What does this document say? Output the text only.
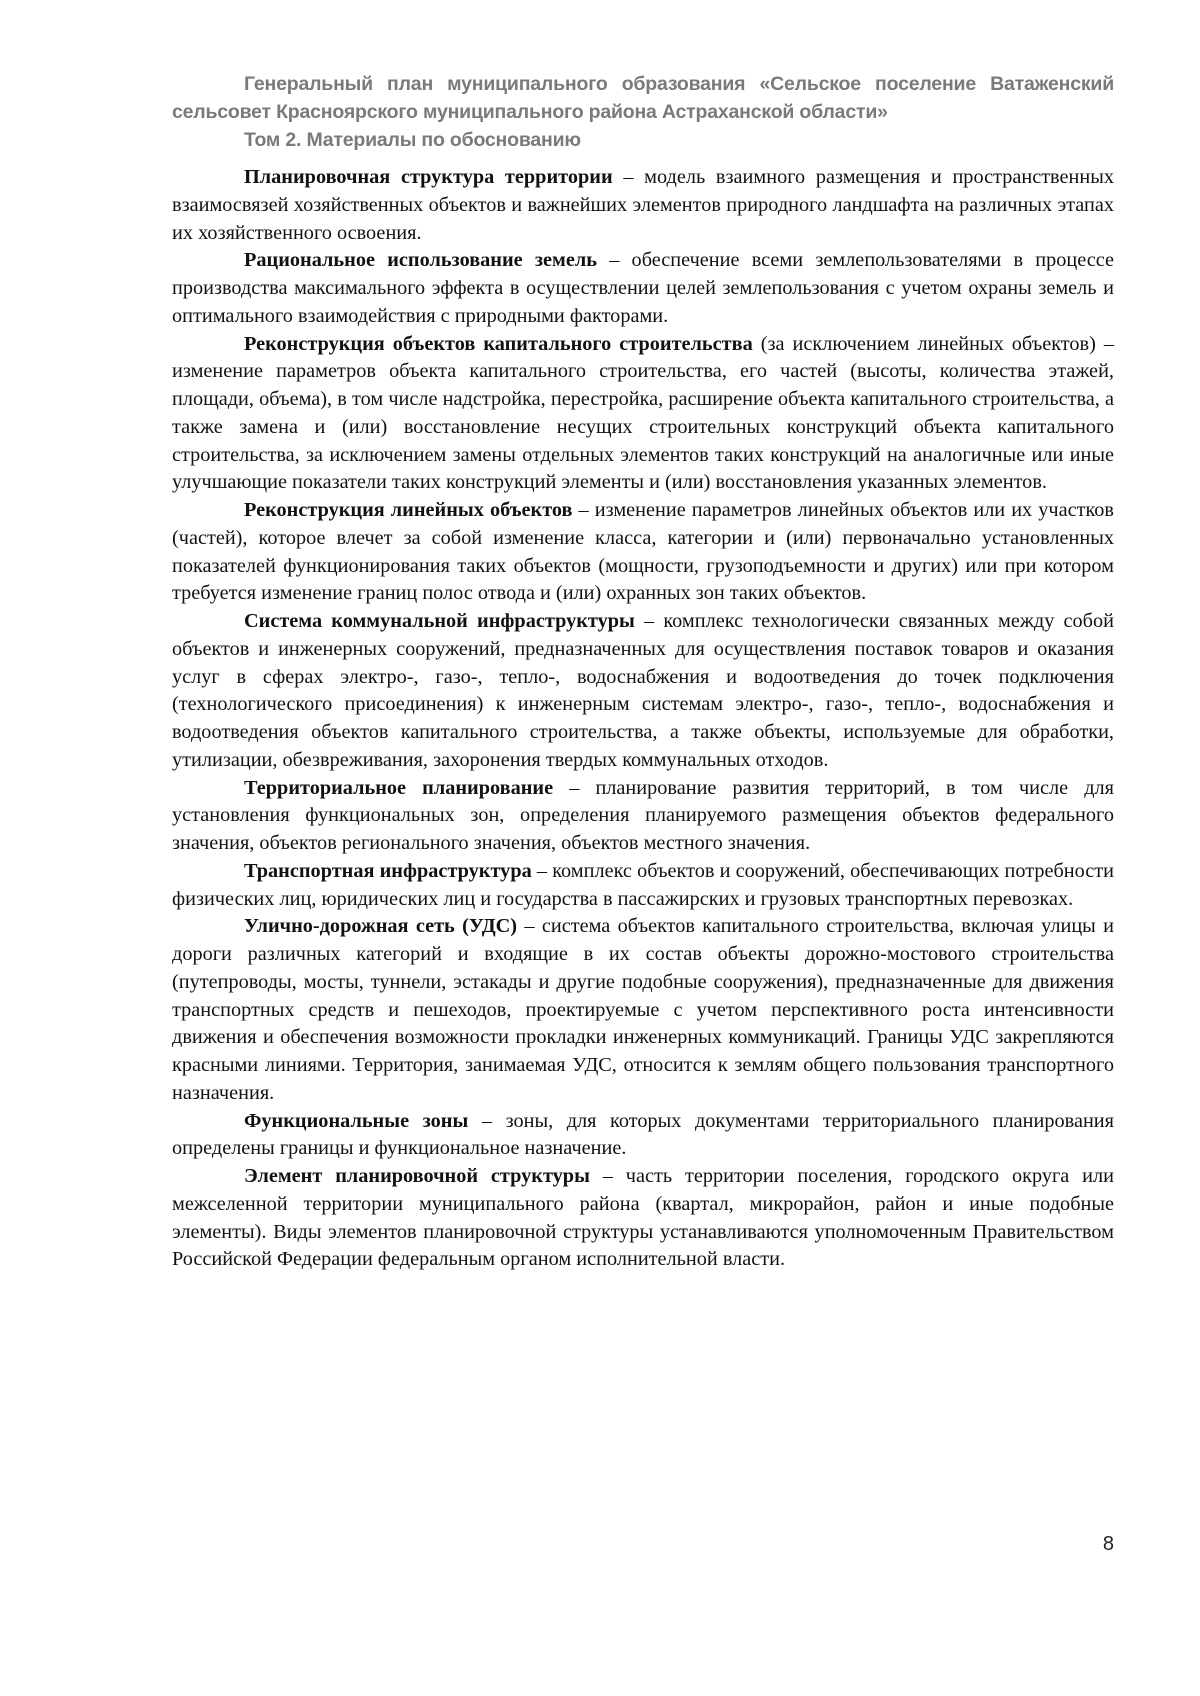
Генеральный план муниципального образования «Сельское поселение Ватаженский

сельсовет Красноярского муниципального района Астраханской области»

Том 2. Материалы по обоснованию

Планировочная структура территории – модель взаимного размещения и пространственных взаимосвязей хозяйственных объектов и важнейших элементов природного ландшафта на различных этапах их хозяйственного освоения.

Рациональное использование земель – обеспечение всеми землепользователями в процессе производства максимального эффекта в осуществлении целей землепользования с учетом охраны земель и оптимального взаимодействия с природными факторами.

Реконструкция объектов капитального строительства (за исключением линейных объектов) – изменение параметров объекта капитального строительства, его частей (высоты, количества этажей, площади, объема), в том числе надстройка, перестройка, расширение объекта капитального строительства, а также замена и (или) восстановление несущих строительных конструкций объекта капитального строительства, за исключением замены отдельных элементов таких конструкций на аналогичные или иные улучшающие показатели таких конструкций элементы и (или) восстановления указанных элементов.

Реконструкция линейных объектов – изменение параметров линейных объектов или их участков (частей), которое влечет за собой изменение класса, категории и (или) первоначально установленных показателей функционирования таких объектов (мощности, грузоподъемности и других) или при котором требуется изменение границ полос отвода и (или) охранных зон таких объектов.

Система коммунальной инфраструктуры – комплекс технологически связанных между собой объектов и инженерных сооружений, предназначенных для осуществления поставок товаров и оказания услуг в сферах электро-, газо-, тепло-, водоснабжения и водоотведения до точек подключения (технологического присоединения) к инженерным системам электро-, газо-, тепло-, водоснабжения и водоотведения объектов капитального строительства, а также объекты, используемые для обработки, утилизации, обезвреживания, захоронения твердых коммунальных отходов.

Территориальное планирование – планирование развития территорий, в том числе для установления функциональных зон, определения планируемого размещения объектов федерального значения, объектов регионального значения, объектов местного значения.

Транспортная инфраструктура – комплекс объектов и сооружений, обеспечивающих потребности физических лиц, юридических лиц и государства в пассажирских и грузовых транспортных перевозках.

Улично-дорожная сеть (УДС) – система объектов капитального строительства, включая улицы и дороги различных категорий и входящие в их состав объекты дорожно-мостового строительства (путепроводы, мосты, туннели, эстакады и другие подобные сооружения), предназначенные для движения транспортных средств и пешеходов, проектируемые с учетом перспективного роста интенсивности движения и обеспечения возможности прокладки инженерных коммуникаций. Границы УДС закрепляются красными линиями. Территория, занимаемая УДС, относится к землям общего пользования транспортного назначения.

Функциональные зоны – зоны, для которых документами территориального планирования определены границы и функциональное назначение.

Элемент планировочной структуры – часть территории поселения, городского округа или межселенной территории муниципального района (квартал, микрорайон, район и иные подобные элементы). Виды элементов планировочной структуры устанавливаются уполномоченным Правительством Российской Федерации федеральным органом исполнительной власти.

8
